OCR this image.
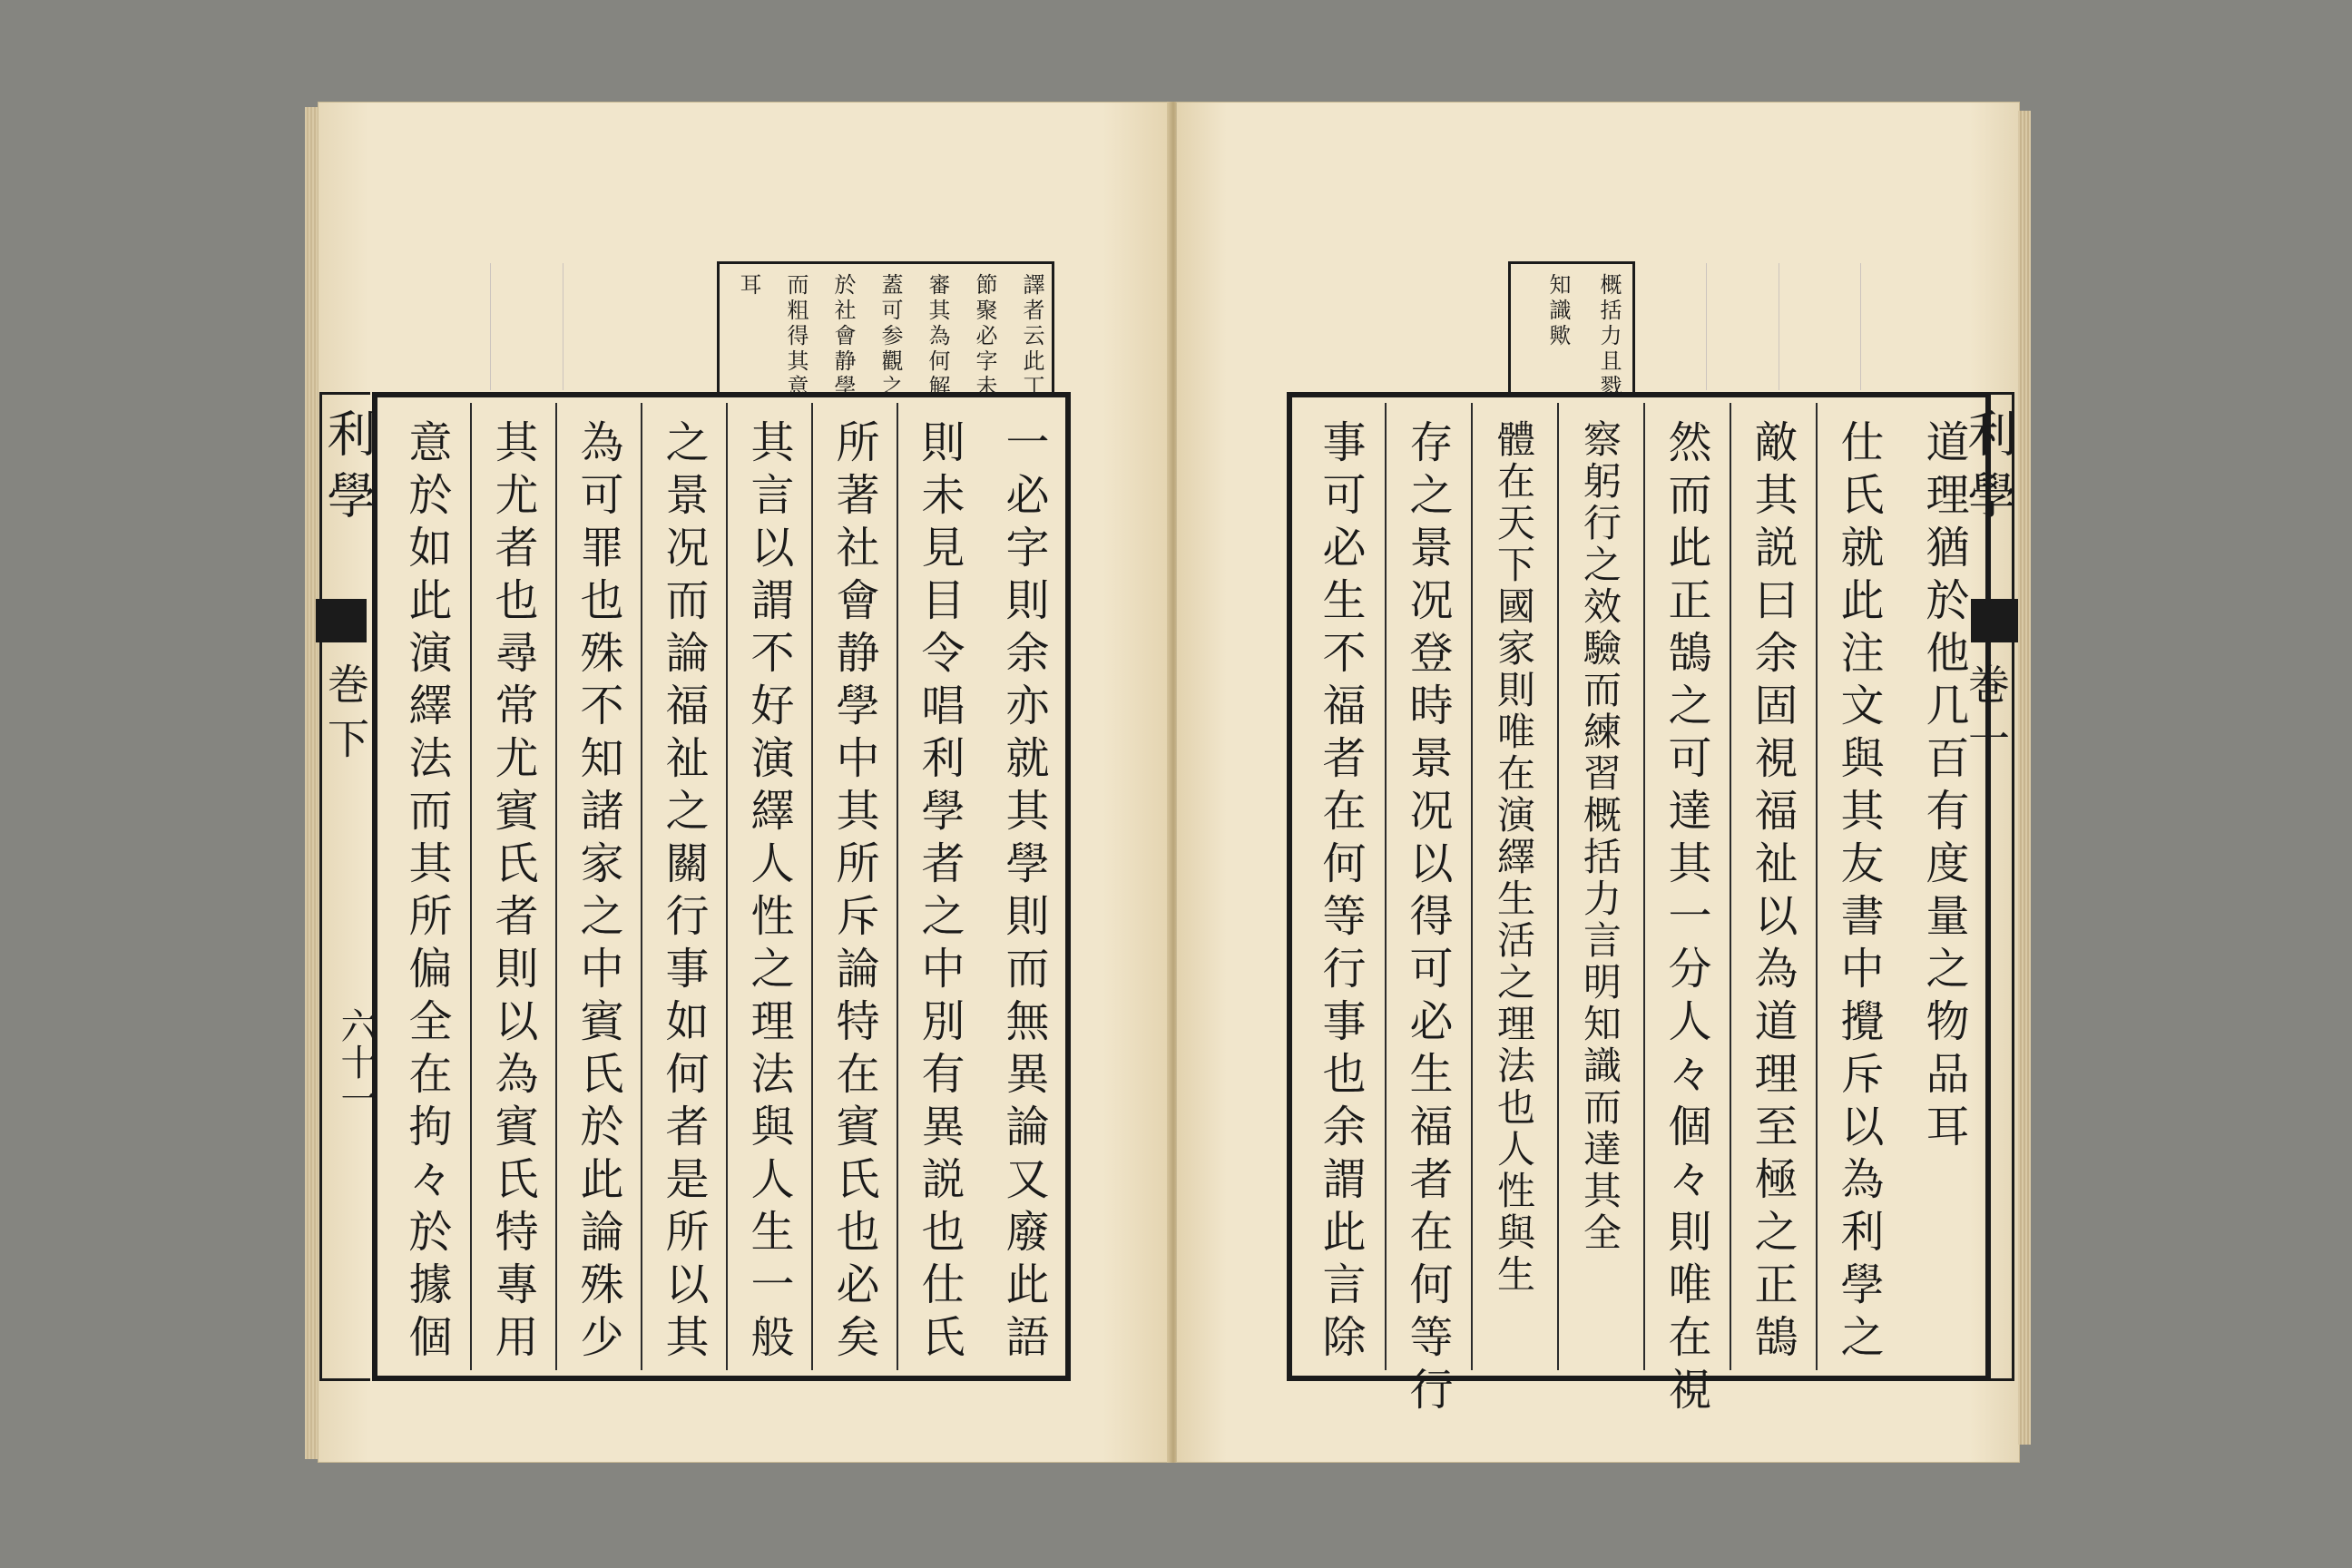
譯者云此丁
節聚必字未
審其為何解
蓋可参觀之
於社會静學
而粗得其意
耳	概括力且戮
知識歟
一必字則余亦就其學則而無異論又廢此語
則未見目令唱利學者之中別有異説也仕氏
所著社會静學中其所斥論特在賓氏也必矣
其言以謂不好演繹人性之理法與人生一般
之景况而論福祉之關行事如何者是所以其
為可罪也殊不知諸家之中賓氏於此論殊少
其尤者也尋常尤賓氏者則以為賓氏特專用
意於如此演繹法而其所偏全在拘々於據個
利學
巻下
六十一	道理猶於他几百有度量之物品耳
仕氏就此注文與其友書中攪斥以為利學之
敵其説曰余固視福祉以為道理至極之正鵠
然而此正鵠之可達其一分人々個々則唯在視
察躬行之效驗而練習概括力言明知識而達其全
體在天下國家則唯在演繹生活之理法也人性與生
存之景况登時景况以得可必生福者在何等行
事可必生不福者在何等行事也余謂此言除	利學
巻一
